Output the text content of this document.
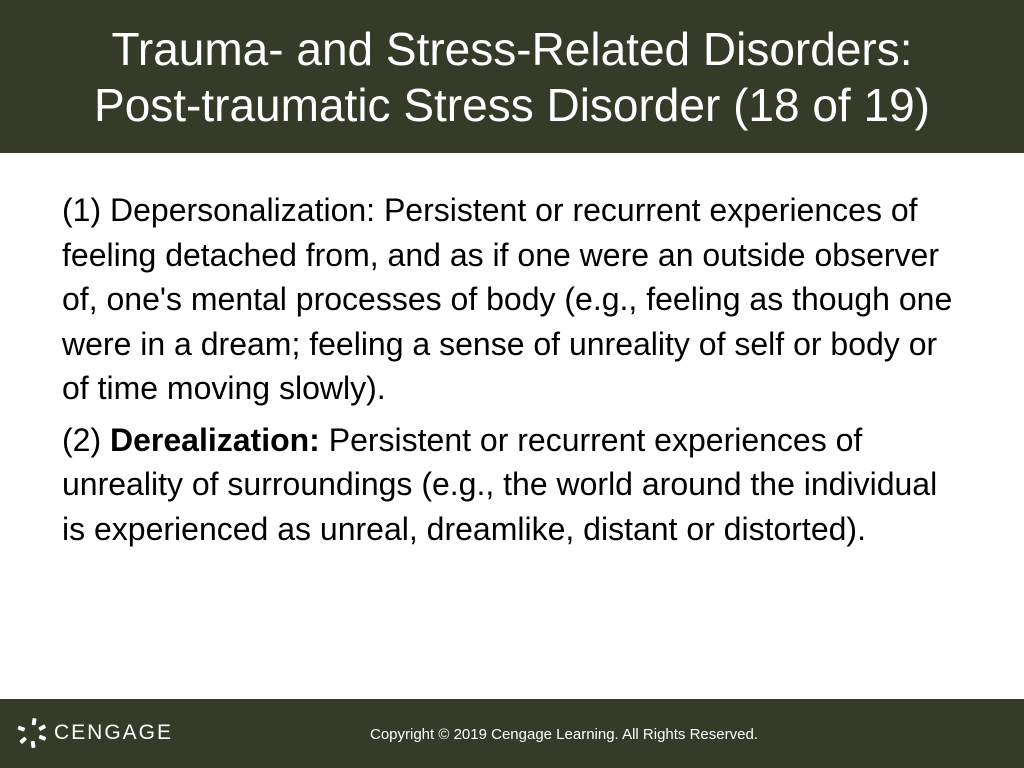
Trauma- and Stress-Related Disorders:
Post-traumatic Stress Disorder (18 of 19)

(1) Depersonalization: Persistent or recurrent experiences of feeling detached from, and as if one were an outside observer of, one's mental processes of body (e.g., feeling as though one were in a dream; feeling a sense of unreality of self or body or of time moving slowly).

(2) Derealization: Persistent or recurrent experiences of unreality of surroundings (e.g., the world around the individual is experienced as unreal, dreamlike, distant or distorted).

CENGAGE	Copyright © 2019 Cengage Learning. All Rights Reserved.
